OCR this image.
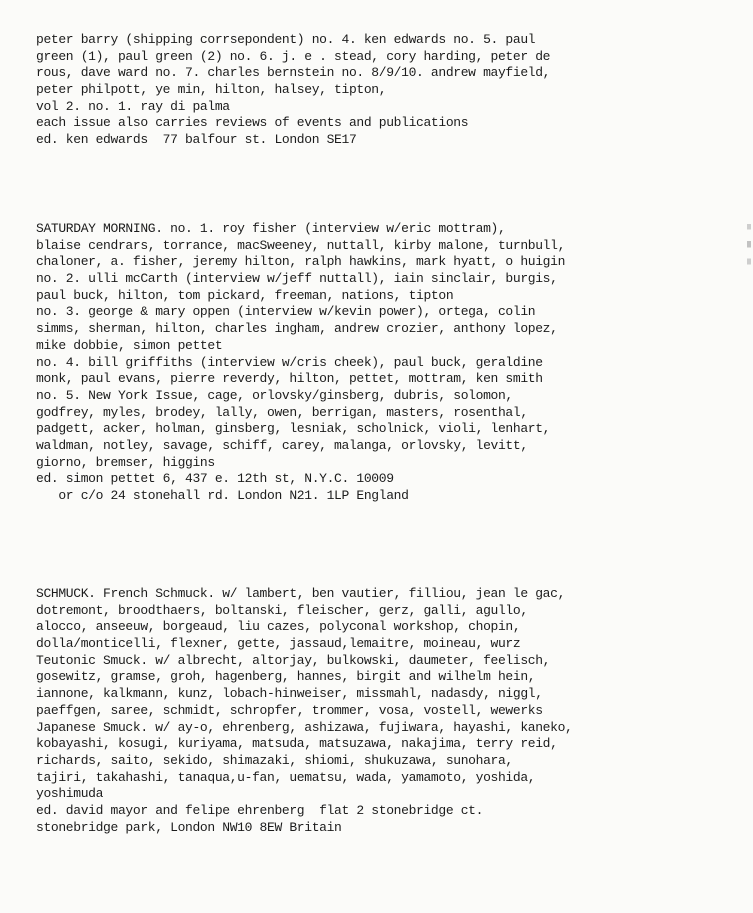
peter barry (shipping corrsepondent) no. 4. ken edwards no. 5. paul
green (1), paul green (2) no. 6. j. e . stead, cory harding, peter de
rous, dave ward no. 7. charles bernstein no. 8/9/10. andrew mayfield,
peter philpott, ye min, hilton, halsey, tipton,
vol 2. no. 1. ray di palma
each issue also carries reviews of events and publications
ed. ken edwards  77 balfour st. London SE17
SATURDAY MORNING. no. 1. roy fisher (interview w/eric mottram),
blaise cendrars, torrance, macSweeney, nuttall, kirby malone, turnbull,
chaloner, a. fisher, jeremy hilton, ralph hawkins, mark hyatt, o huigin
no. 2. ulli mcCarth (interview w/jeff nuttall), iain sinclair, burgis,
paul buck, hilton, tom pickard, freeman, nations, tipton
no. 3. george & mary oppen (interview w/kevin power), ortega, colin
simms, sherman, hilton, charles ingham, andrew crozier, anthony lopez,
mike dobbie, simon pettet
no. 4. bill griffiths (interview w/cris cheek), paul buck, geraldine
monk, paul evans, pierre reverdy, hilton, pettet, mottram, ken smith
no. 5. New York Issue, cage, orlovsky/ginsberg, dubris, solomon,
godfrey, myles, brodey, lally, owen, berrigan, masters, rosenthal,
padgett, acker, holman, ginsberg, lesniak, scholnick, violi, lenhart,
waldman, notley, savage, schiff, carey, malanga, orlovsky, levitt,
giorno, bremser, higgins
ed. simon pettet 6, 437 e. 12th st, N.Y.C. 10009
or c/o 24 stonehall rd. London N21. 1LP England
SCHMUCK. French Schmuck. w/ lambert, ben vautier, filliou, jean le gac,
dotremont, broodthaers, boltanski, fleischer, gerz, galli, agullo,
alocco, anseeuw, borgeaud, liu cazes, polyconal workshop, chopin,
dolla/monticelli, flexner, gette, jassaud,lemaitre, moineau, wurz
Teutonic Smuck. w/ albrecht, altorjay, bulkowski, daumeter, feelisch,
gosewitz, gramse, groh, hagenberg, hannes, birgit and wilhelm hein,
iannone, kalkmann, kunz, lobach-hinweiser, missmahl, nadasdy, niggl,
paeffgen, saree, schmidt, schropfer, trommer, vosa, vostell, wewerks
Japanese Smuck. w/ ay-o, ehrenberg, ashizawa, fujiwara, hayashi, kaneko,
kobayashi, kosugi, kuriyama, matsuda, matsuzawa, nakajima, terry reid,
richards, saito, sekido, shimazaki, shiomi, shukuzawa, sunohara,
tajiri, takahashi, tanaqua,u-fan, uematsu, wada, yamamoto, yoshida,
yoshimuda
ed. david mayor and felipe ehrenberg  flat 2 stonebridge ct.
stonebridge park, London NW10 8EW Britain
